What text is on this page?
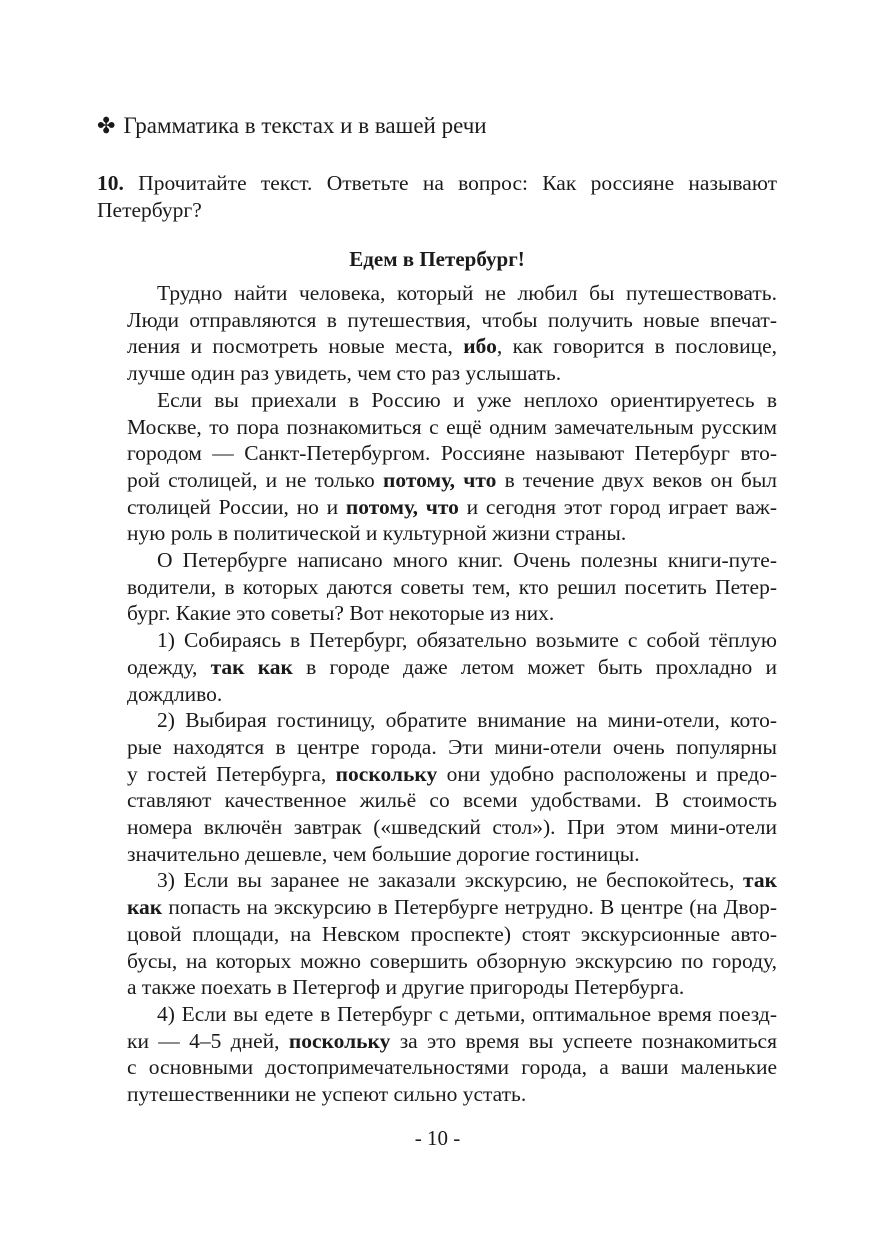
✤ Грамматика в текстах и в вашей речи
10. Прочитайте текст. Ответьте на вопрос: Как россияне называют Петербург?
Едем в Петербург!
Трудно найти человека, который не любил бы путешествовать.
Люди отправляются в путешествия, чтобы получить новые впечат-
ления и посмотреть новые места, ибо, как говорится в пословице,
лучше один раз увидеть, чем сто раз услышать.
Если вы приехали в Россию и уже неплохо ориентируетесь в
Москве, то пора познакомиться с ещё одним замечательным русским
городом — Санкт-Петербургом. Россияне называют Петербург вто-
рой столицей, и не только потому, что в течение двух веков он был
столицей России, но и потому, что и сегодня этот город играет важ-
ную роль в политической и культурной жизни страны.
О Петербурге написано много книг. Очень полезны книги-путе-
водители, в которых даются советы тем, кто решил посетить Петер-
бург. Какие это советы? Вот некоторые из них.
1) Собираясь в Петербург, обязательно возьмите с собой тёплую
одежду, так как в городе даже летом может быть прохладно и дождливо.
2) Выбирая гостиницу, обратите внимание на мини-отели, кото-
рые находятся в центре города. Эти мини-отели очень популярны
у гостей Петербурга, поскольку они удобно расположены и предо-
ставляют качественное жильё со всеми удобствами. В стоимость
номера включён завтрак («шведский стол»). При этом мини-отели
значительно дешевле, чем большие дорогие гостиницы.
3) Если вы заранее не заказали экскурсию, не беспокойтесь, так
как попасть на экскурсию в Петербурге нетрудно. В центре (на Двор-
цовой площади, на Невском проспекте) стоят экскурсионные авто-
бусы, на которых можно совершить обзорную экскурсию по городу,
а также поехать в Петергоф и другие пригороды Петербурга.
4) Если вы едете в Петербург с детьми, оптимальное время поезд-
ки — 4–5 дней, поскольку за это время вы успеете познакомиться
с основными достопримечательностями города, а ваши маленькие
путешественники не успеют сильно устать.
- 10 -
